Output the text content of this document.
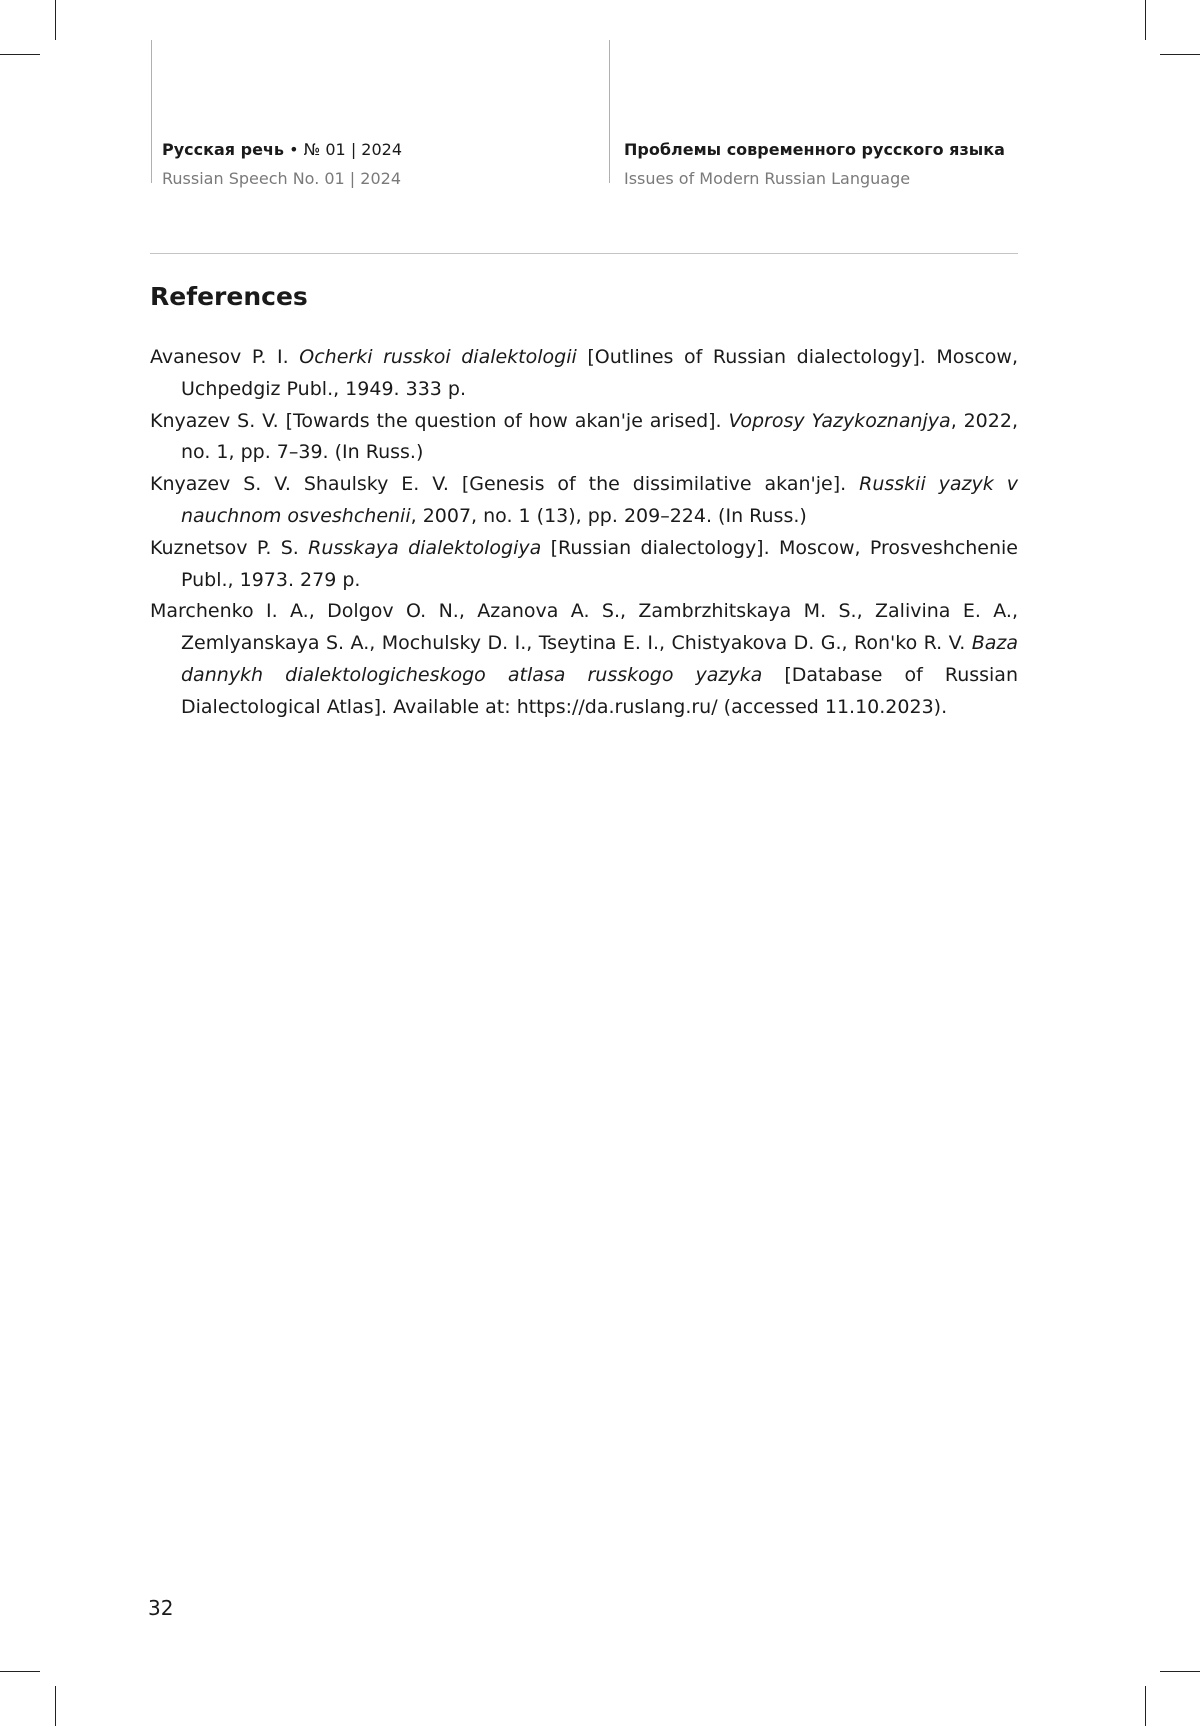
Русская речь • № 01 | 2024
Russian Speech No. 01 | 2024
Проблемы современного русского языка
Issues of Modern Russian Language
References
Avanesov P. I. Ocherki russkoi dialektologii [Outlines of Russian dialectology]. Moscow, Uchpedgiz Publ., 1949. 333 p.
Knyazev S. V. [Towards the question of how akan'je arised]. Voprosy Yazykoznanjya, 2022, no. 1, pp. 7–39. (In Russ.)
Knyazev S. V. Shaulsky E. V. [Genesis of the dissimilative akan'je]. Russkii yazyk v nauchnom osveshchenii, 2007, no. 1 (13), pp. 209–224. (In Russ.)
Kuznetsov P. S. Russkaya dialektologiya [Russian dialectology]. Moscow, Prosveshchenie Publ., 1973. 279 p.
Marchenko I. A., Dolgov O. N., Azanova A. S., Zambrzhitskaya M. S., Zalivina E. A., Zemlyanskaya S. A., Mochulsky D. I., Tseytina E. I., Chistyakova D. G., Ron'ko R. V. Baza dannykh dialektologicheskogo atlasa russkogo yazyka [Database of Russian Dialectological Atlas]. Available at: https://da.ruslang.ru/ (accessed 11.10.2023).
32
